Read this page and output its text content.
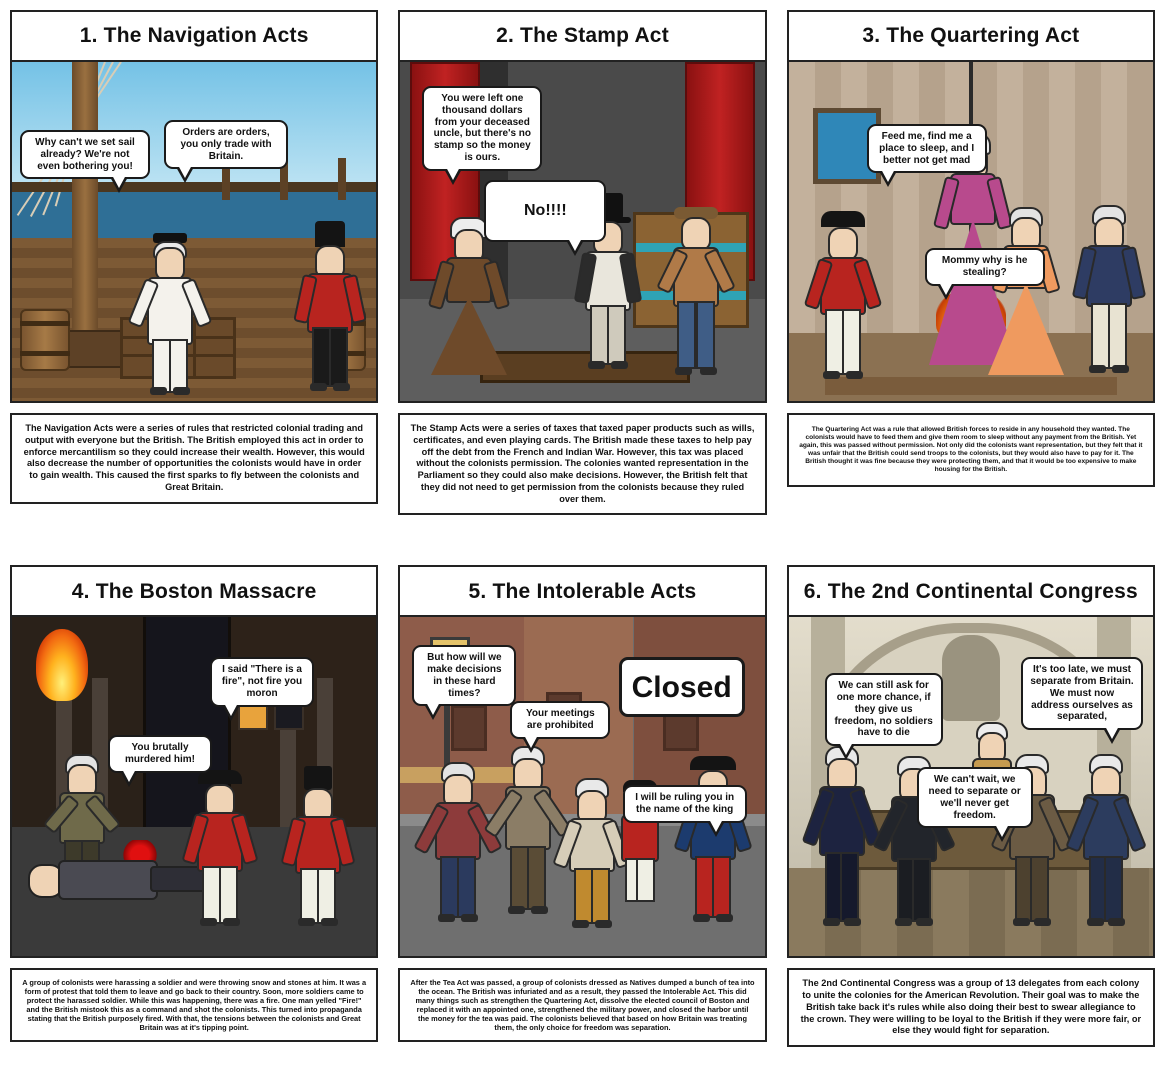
1. The Navigation Acts
Why can't we set sail already? We're not even bothering you!
Orders are orders, you only trade with Britain.
The Navigation Acts were a series of rules that restricted colonial trading and output with everyone but the British. The British employed this act in order to enforce mercantilism so they could increase their wealth. However, this would also decrease the number of opportunities the colonists would have in order to gain wealth. This caused the first sparks to fly between the colonists and Great Britain.
2. The Stamp Act
You were left one thousand dollars from your deceased uncle, but there's no stamp so the money is ours.
No!!!!
The Stamp Acts were a series of taxes that taxed paper products such as wills, certificates, and even playing cards. The British made these taxes to help pay off the debt from the French and Indian War. However, this tax was placed without the colonists permission. The colonies wanted representation in the Parliament so they could also make decisions. However, the British felt that they did not need to get permission from the colonists because they ruled over them.
3. The Quartering Act
Feed me, find me a place to sleep, and I better not get mad
Mommy why is he stealing?
The Quartering Act was a rule that allowed British forces to reside in any household they wanted. The colonists would have to feed them and give them room to sleep without any payment from the British. Yet again, this was passed without permission. Not only did the colonists want representation, but they felt that it was unfair that the British could send troops to the colonists, but they would also have to pay for it. The British thought it was fine because they were protecting them, and that it would be too expensive to make housing for the British.
4. The Boston Massacre
I said "There is a fire", not fire you moron
You brutally murdered him!
A group of colonists were harassing a soldier and were throwing snow and stones at him. It was a form of protest that told them to leave and go back to their country. Soon, more soldiers came to protect the harassed soldier. While this was happening, there was a fire. One man yelled "Fire!" and the British mistook this as a command and shot the colonists. This turned into propaganda stating that the British purposely fired. With that, the tensions between the colonists and Great Britain was at it's tipping point.
5. The Intolerable Acts
But how will we make decisions in these hard times?
Your meetings are prohibited
Closed
I will be ruling you in the name of the king
After the Tea Act was passed, a group of colonists dressed as Natives dumped a bunch of tea into the ocean. The British was infuriated and as a result, they passed the Intolerable Act. This did many things such as strengthen the Quartering Act, dissolve the elected council of Boston and replaced it with an appointed one, strengthened the military power, and closed the harbor until the money for the tea was paid. The colonists believed that based on how Britain was treating them, the only choice for freedom was separation.
6. The 2nd Continental Congress
We can still ask for one more chance, if they give us freedom, no soldiers have to die
It's too late, we must separate from Britain. We must now address ourselves as separated,
We can't wait, we need to separate or we'll never get freedom.
The 2nd Continental Congress was a group of 13 delegates from each colony to unite the colonies for the American Revolution. Their goal was to make the British take back it's rules while also doing their best to swear allegiance to the crown. They were willing to be loyal to the British if they were more fair, or else they would fight for separation.
